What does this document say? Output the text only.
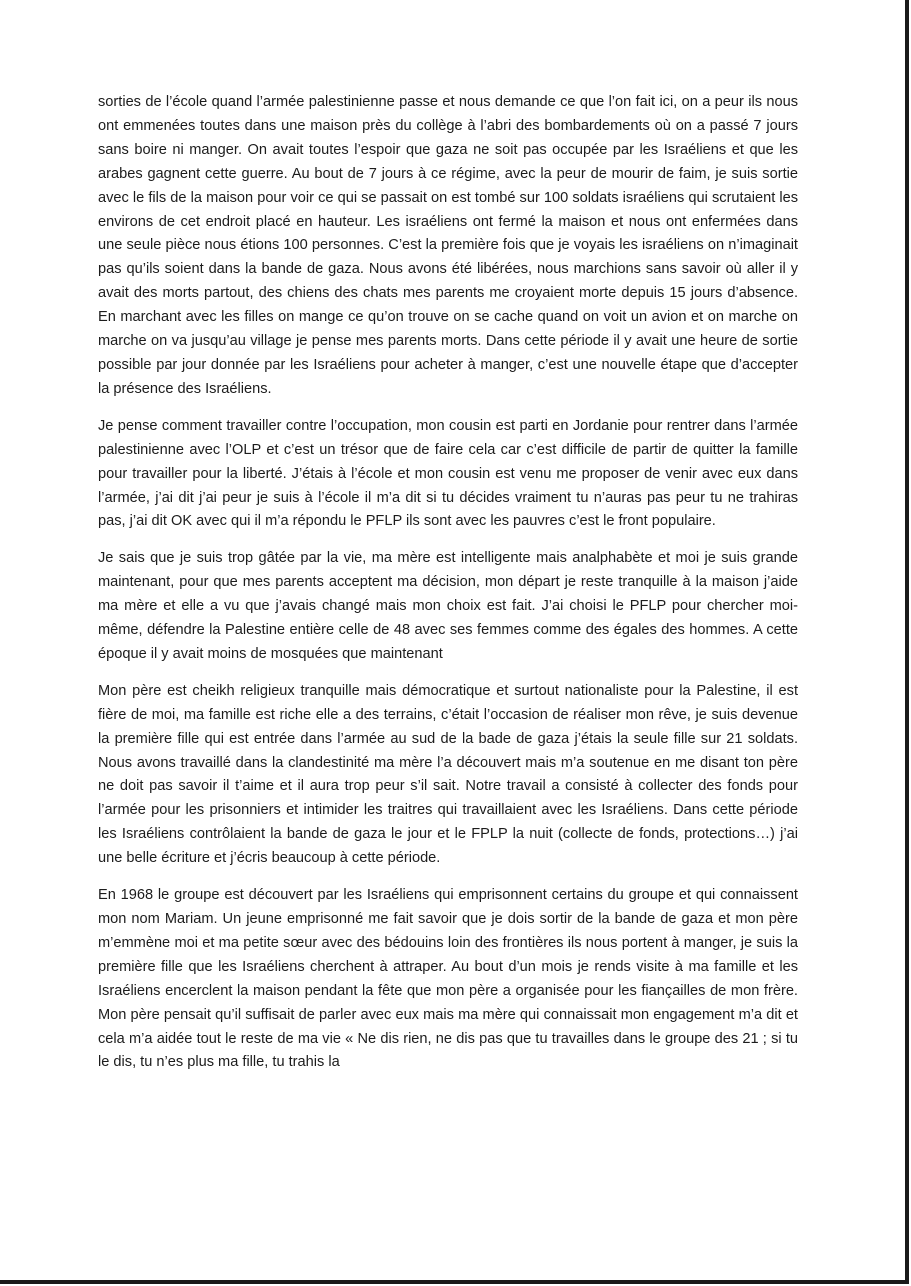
sorties de l’école quand l’armée palestinienne passe et nous demande ce que l’on fait ici, on a peur ils nous ont emmenées toutes dans une maison près du collège à l’abri des bombardements où on a passé 7 jours sans boire ni manger. On avait toutes l’espoir que gaza ne soit pas occupée par les Israéliens et que les arabes gagnent cette guerre. Au bout de 7 jours à ce régime, avec la peur de mourir de faim, je suis sortie avec le fils de la maison pour voir ce qui se passait on est tombé sur 100 soldats israéliens qui scrutaient les environs de cet endroit placé en hauteur. Les israéliens ont fermé la maison et nous ont enfermées dans une seule pièce nous étions 100 personnes. C’est la première fois que je voyais les israéliens on n’imaginait pas qu’ils soient dans la bande de gaza. Nous avons été libérées, nous marchions sans savoir où aller il y avait des morts partout, des chiens des chats mes parents me croyaient morte depuis 15 jours d’absence. En marchant avec les filles on mange ce qu’on trouve on se cache quand on voit un avion et on marche on marche on va jusqu’au village je pense mes parents morts. Dans cette période il y avait une heure de sortie possible par jour donnée par les Israéliens pour acheter à manger, c’est une nouvelle étape que d’accepter la présence des Israéliens.

Je pense comment travailler contre l’occupation, mon cousin est parti en Jordanie pour rentrer dans l’armée palestinienne avec l’OLP et c’est un trésor que de faire cela car c’est difficile de partir de quitter la famille pour travailler pour la liberté. J’étais à l’école et mon cousin est venu me proposer de venir avec eux dans l’armée, j’ai dit j’ai peur je suis à l’école il m’a dit si tu décides vraiment tu n’auras pas peur tu ne trahiras pas, j’ai dit OK avec qui il m’a répondu le PFLP ils sont avec les pauvres c’est le front populaire.

Je sais que je suis trop gâtée par la vie, ma mère est intelligente mais analphabète et moi je suis grande maintenant, pour que mes parents acceptent ma décision, mon départ je reste tranquille à la maison j’aide ma mère et elle a vu que j’avais changé mais mon choix est fait. J’ai choisi le PFLP pour chercher moi-même, défendre la Palestine entière celle de 48 avec ses femmes comme des égales des hommes. A cette époque il y avait moins de mosquées que maintenant

Mon père est cheikh religieux tranquille mais démocratique et surtout nationaliste pour la Palestine, il est fière de moi, ma famille est riche elle a des terrains, c’était l’occasion de réaliser mon rêve, je suis devenue la première fille qui est entrée dans l’armée au sud de la bade de gaza j’étais la seule fille sur 21 soldats. Nous avons travaillé dans la clandestinité ma mère l’a découvert mais m’a soutenue en me disant ton père ne doit pas savoir il t’aime et il aura trop peur s’il sait. Notre travail a consisté à collecter des fonds pour l’armée pour les prisonniers et intimider les traitres qui travaillaient avec les Israéliens. Dans cette période les Israéliens contrôlaient la bande de gaza le jour et le FPLP la nuit (collecte de fonds, protections…) j’ai une belle écriture et j’écris beaucoup à cette période.

En 1968 le groupe est découvert par les Israéliens qui emprisonnent certains du groupe et qui connaissent mon nom Mariam. Un jeune emprisonné me fait savoir que je dois sortir de la bande de gaza et mon père m’emmène moi et ma petite sœur avec des bédouins loin des frontières ils nous portent à manger, je suis la première fille que les Israéliens cherchent à attraper. Au bout d’un mois je rends visite à ma famille et les Israéliens encerclent la maison pendant la fête que mon père a organisée pour les fiançailles de mon frère. Mon père pensait qu’il suffisait de parler avec eux mais ma mère qui connaissait mon engagement m’a dit et cela m’a aidée tout le reste de ma vie « Ne dis rien, ne dis pas que tu travailles dans le groupe des 21 ; si tu le dis, tu n’es plus ma fille, tu trahis la
